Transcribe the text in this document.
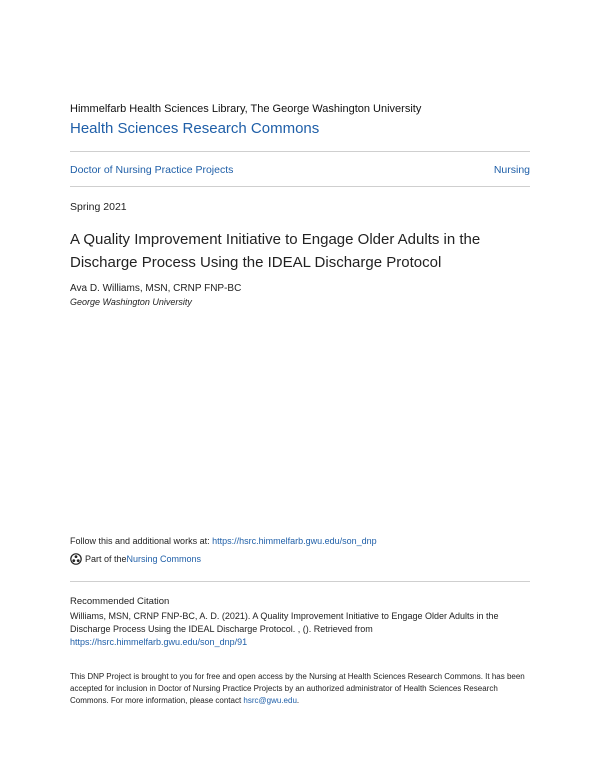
Himmelfarb Health Sciences Library, The George Washington University
Health Sciences Research Commons
Doctor of Nursing Practice Projects	Nursing
Spring 2021
A Quality Improvement Initiative to Engage Older Adults in the Discharge Process Using the IDEAL Discharge Protocol
Ava D. Williams, MSN, CRNP FNP-BC
George Washington University
Follow this and additional works at: https://hsrc.himmelfarb.gwu.edu/son_dnp
Part of the Nursing Commons
Recommended Citation
Williams, MSN, CRNP FNP-BC, A. D. (2021). A Quality Improvement Initiative to Engage Older Adults in the Discharge Process Using the IDEAL Discharge Protocol. , (). Retrieved from https://hsrc.himmelfarb.gwu.edu/son_dnp/91
This DNP Project is brought to you for free and open access by the Nursing at Health Sciences Research Commons. It has been accepted for inclusion in Doctor of Nursing Practice Projects by an authorized administrator of Health Sciences Research Commons. For more information, please contact hsrc@gwu.edu.
